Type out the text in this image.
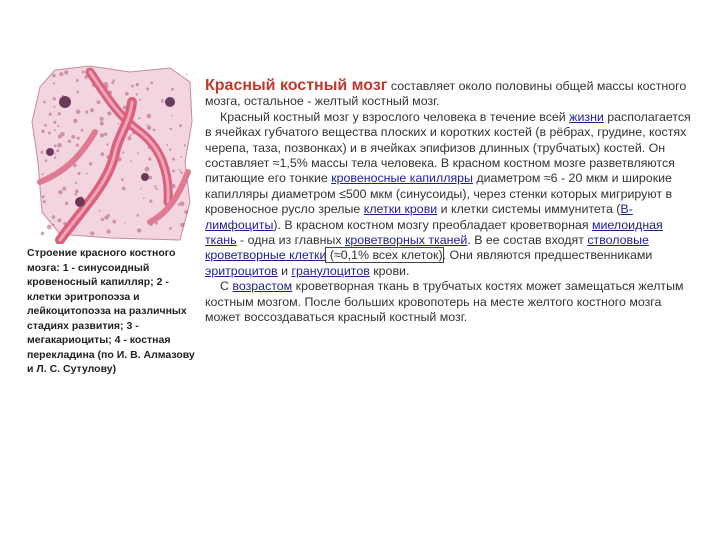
Строение красного костного мозга: 1 - синусоидный кровеносный капилляр; 2 - клетки эритропоэза и лейкоцитопоэза на различных стадиях развития; 3 - мегакариоциты; 4 - костная перекладина (по И. В. Алмазову и Л. С. Сутулову)

Красный костный мозг составляет около половины общей массы костного мозга, остальное - желтый костный мозг.

Красный костный мозг у взрослого человека в течение всей жизни располагается в ячейках губчатого вещества плоских и коротких костей (в рёбрах, грудине, костях черепа, таза, позвонках) и в ячейках эпифизов длинных (трубчатых) костей. Он составляет ≈1,5% массы тела человека. В красном костном мозге разветвляются питающие его тонкие кровеносные капилляры диаметром ≈6 - 20 мкм и широкие капилляры диаметром ≤500 мкм (синусоиды), через стенки которых мигрируют в кровеносное русло зрелые клетки крови и клетки системы иммунитета (В-лимфоциты). В красном костном мозгу преобладает кроветворная миелоидная ткань - одна из главных кроветворных тканей. В ее состав входят стволовые кроветворные клетки (≈0,1% всех клеток). Они являются предшественниками эритроцитов и гранулоцитов крови.

С возрастом кроветворная ткань в трубчатых костях может замещаться желтым костным мозгом. После больших кровопотерь на месте желтого костного мозга может воссоздаваться красный костный мозг.
